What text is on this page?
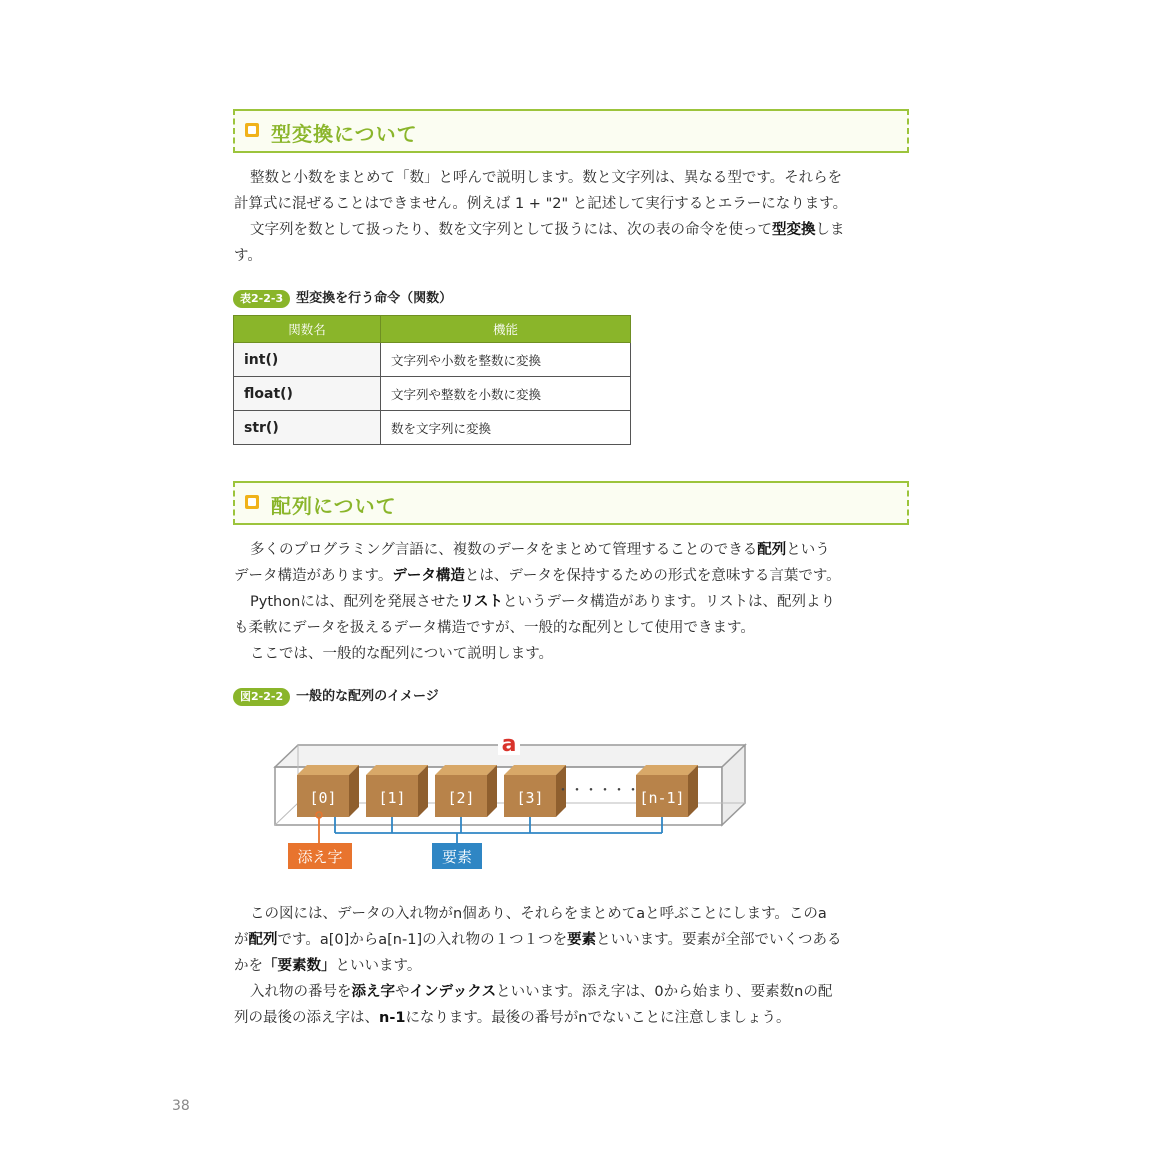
型変換について
整数と小数をまとめて「数」と呼んで説明します。数と文字列は、異なる型です。それらを
計算式に混ぜることはできません。例えば 1 + "2" と記述して実行するとエラーになります。
文字列を数として扱ったり、数を文字列として扱うには、次の表の命令を使って型変換しま
す。
表2-2-3 型変換を行う命令（関数）
関数名	機能
int()	文字列や小数を整数に変換
float()	文字列や整数を小数に変換
str()	数を文字列に変換
配列について
多くのプログラミング言語に、複数のデータをまとめて管理することのできる配列という
データ構造があります。データ構造とは、データを保持するための形式を意味する言葉です。
Pythonには、配列を発展させたリストというデータ構造があります。リストは、配列より
も柔軟にデータを扱えるデータ構造ですが、一般的な配列として使用できます。
ここでは、一般的な配列について説明します。
図2-2-2 一般的な配列のイメージ
a
[0]	[1]	[2]	[3]	[n-1]
・・・・・・
添え字	要素
この図には、データの入れ物がn個あり、それらをまとめてaと呼ぶことにします。このa
が配列です。a[0]からa[n-1]の入れ物の１つ１つを要素といいます。要素が全部でいくつある
かを「要素数」といいます。
入れ物の番号を添え字やインデックスといいます。添え字は、0から始まり、要素数nの配
列の最後の添え字は、n-1になります。最後の番号がnでないことに注意しましょう。
38
